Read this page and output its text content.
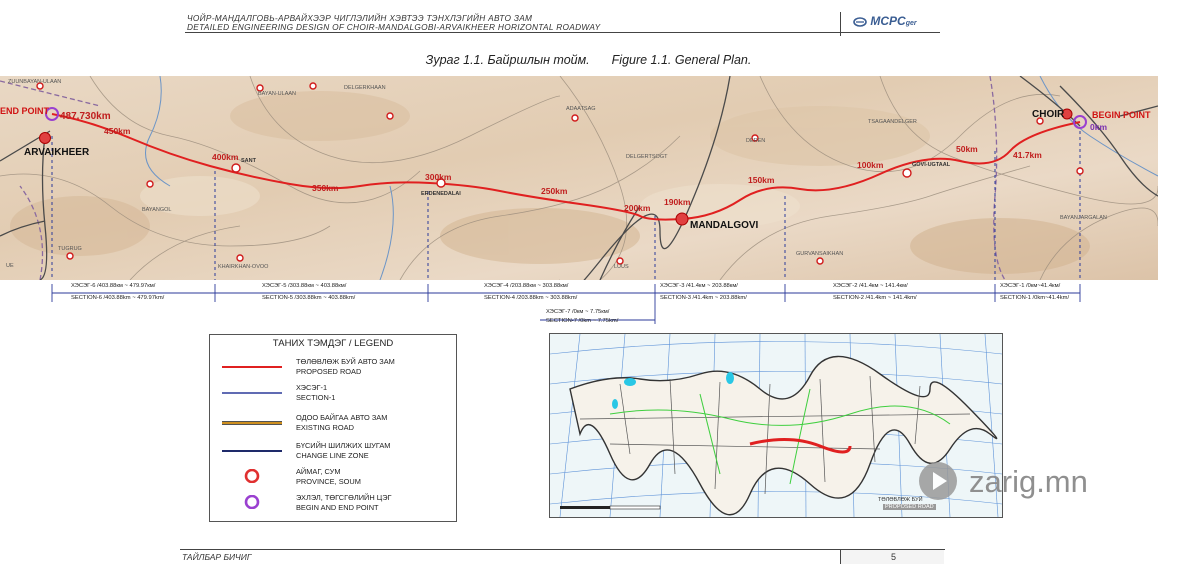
ЧОЙР-МАНДАЛГОВЬ-АРВАЙХЭЭР ЧИГЛЭЛИЙН ХЭВТЭЭ ТЭНХЛЭГИЙН АВТО ЗАМ
DETAILED ENGINEERING DESIGN OF CHOIR-MANDALGOBI-ARVAIKHEER HORIZONTAL ROADWAY	MCPCger
Зураг 1.1. Байршлын тойм. Figure 1.1. General Plan.
END POINT	BEGIN POINT
ARVAIKHEER
MANDALGOVI
CHOIR
SANT
ERDENEDALAI
GOVI-UGTAAL
487.730km
450km
400km
350km
300km
250km
200km
190km
150km
100km
50km
41.7km
0km
ZUUNBAYAN-ULAAN
BAYAN-ULAAN
DELGERKHAAN
ADAATSAG
DEREN
DELGERTSOGT
TSAGAANDELGER
BAYANGOL
TUGRUG
LUUS
KHAIRKHAN-OVOO
GURVANSAIKHAN
BAYANJARGALAN
UE
ХЭСЭГ-6 /403.88км ~ 479.97км/
SECTION-6 /403.88km ~ 479.97km/
ХЭСЭГ-5 /303.88км ~ 403.88км/
SECTION-5 /303.88km ~ 403.88km/
ХЭСЭГ-4 /203.88км ~ 303.88км/
SECTION-4 /203.88km ~ 303.88km/
ХЭСЭГ-3 /41.4км ~ 203.88км/
SECTION-3 /41.4km ~ 203.88km/
ХЭСЭГ-2 /41.4км ~ 141.4км/
SECTION-2 /41.4km ~ 141.4km/
ХЭСЭГ-1 /0км~41.4км/
SECTION-1 /0km~41.4km/
ХЭСЭГ-7 /0км ~ 7.75км/
SECTION-7 /0km ~ 7.75km/
ТАНИХ ТЭМДЭГ / LEGEND
ТӨЛӨВЛӨЖ БУЙ АВТО ЗАМ
PROPOSED ROAD
ХЭСЭГ-1
SECTION-1
ОДОО БАЙГАА АВТО ЗАМ
EXISTING ROAD
БҮСИЙН ШИЛЖИХ ШУГАМ
CHANGE LINE ZONE
АЙМАГ, СУМ
PROVINCE, SOUM
ЭХЛЭЛ, ТӨГСГӨЛИЙН ЦЭГ
BEGIN AND END POINT
ТӨЛӨВЛӨЖ БУЙ
PROPOSED ROAD
zarig.mn
ТАЙЛБАР БИЧИГ	5
